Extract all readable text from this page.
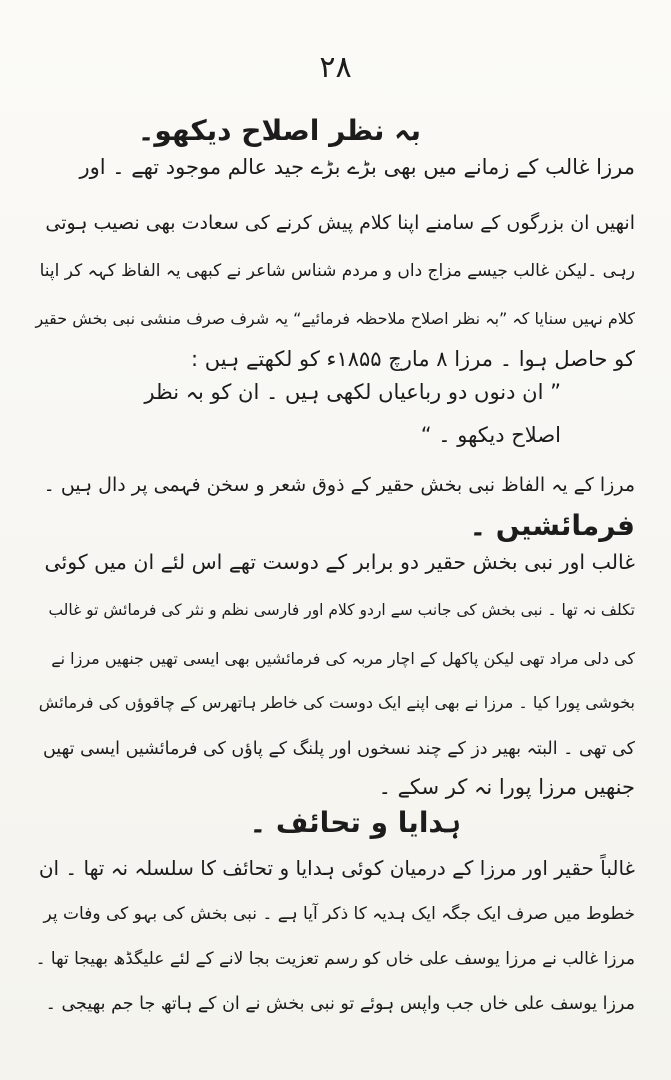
۲۸
بہ نظر اصلاح دیکھو۔
مرزا غالب کے زمانے میں بھی بڑے بڑے جید عالم موجود تھے ۔ اور
انھیں ان بزرگوں کے سامنے اپنا کلام پیش کرنے کی سعادت بھی نصیب ہوتی
رہی ۔لیکن غالب جیسے مزاج داں و مردم شناس شاعر نے کبھی یہ الفاظ کہہ کر اپنا
کلام نہیں سنایا کہ ”بہ نظر اصلاح ملاحظہ فرمائیے“ یہ شرف صرف منشی نبی بخش حقیر
کو حاصل ہوا ۔ مرزا ۸ مارچ ۱۸۵۵ء کو لکھتے ہیں :
” ان دنوں دو رباعیاں لکھی ہیں ۔ ان کو بہ نظر
اصلاح دیکھو ۔ “
مرزا کے یہ الفاظ نبی بخش حقیر کے ذوق شعر و سخن فہمی پر دال ہیں ۔
فرمائشیں ۔
غالب اور نبی بخش حقیر دو برابر کے دوست تھے اس لئے ان میں کوئی
تکلف نہ تھا ۔ نبی بخش کی جانب سے اردو کلام اور فارسی نظم و نثر کی فرمائش تو غالب
کی دلی مراد تھی لیکن پاکھل کے اچار مربہ کی فرمائشیں بھی ایسی تھیں جنھیں مرزا نے
بخوشی پورا کیا ۔ مرزا نے بھی اپنے ایک دوست کی خاطر ہاتھرس کے چاقوؤں کی فرمائش
کی تھی ۔ البتہ بھیر دز کے چند نسخوں اور پلنگ کے پاؤں کی فرمائشیں ایسی تھیں
جنھیں مرزا پورا نہ کر سکے ۔
ہدایا و تحائف ۔
غالباً حقیر اور مرزا کے درمیان کوئی ہدایا و تحائف کا سلسلہ نہ تھا ۔ ان
خطوط میں صرف ایک جگہ ایک ہدیہ کا ذکر آیا ہے ۔ نبی بخش کی بہو کی وفات پر
مرزا غالب نے مرزا یوسف علی خاں کو رسم تعزیت بجا لانے کے لئے علیگڈھ بھیجا تھا ۔
مرزا یوسف علی خاں جب واپس ہوئے تو نبی بخش نے ان کے ہاتھ جا جم بھیجی ۔
